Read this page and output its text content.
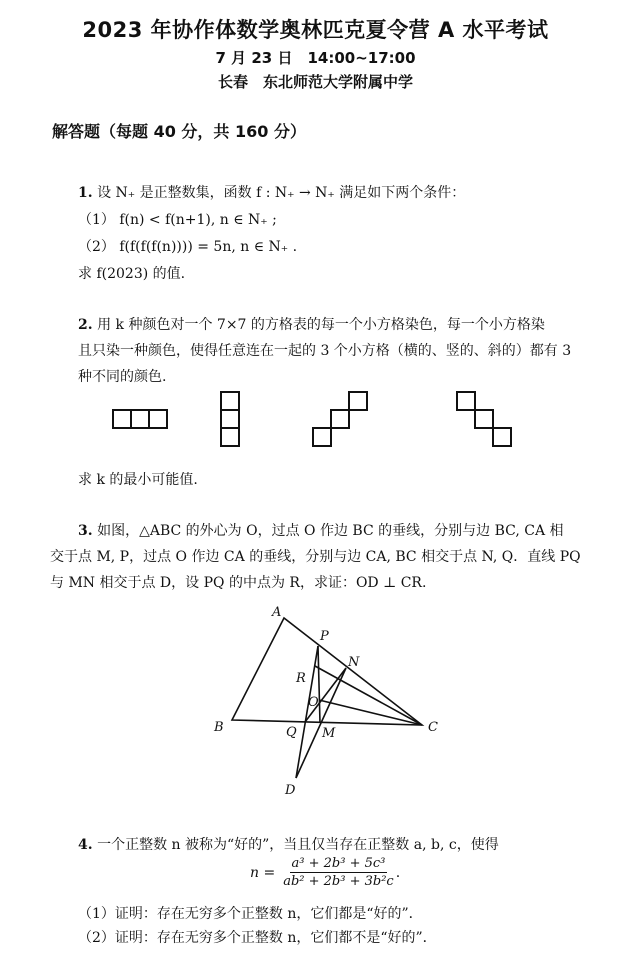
2023 年协作体数学奥林匹克夏令营 A 水平考试
7 月 23 日　14:00~17:00
长春　东北师范大学附属中学
解答题（每题 40 分，共 160 分）
1. 设 N₊ 是正整数集，函数 f : N₊ → N₊ 满足如下两个条件：
（1） f(n) < f(n+1), n ∈ N₊ ;
（2） f(f(f(f(n)))) = 5n, n ∈ N₊ .
求 f(2023) 的值.
2. 用 k 种颜色对一个 7×7 的方格表的每一个小方格染色，每一个小方格染
且只染一种颜色，使得任意连在一起的 3 个小方格（横的、竖的、斜的）都有 3
种不同的颜色.
求 k 的最小可能值.
3. 如图，△ABC 的外心为 O，过点 O 作边 BC 的垂线，分别与边 BC, CA 相
交于点 M, P，过点 O 作边 CA 的垂线，分别与边 CA, BC 相交于点 N, Q．直线 PQ
与 MN 相交于点 D，设 PQ 的中点为 R，求证：OD ⊥ CR.
A
P
N
R
O
B	Q M	C
D
4. 一个正整数 n 被称为“好的”，当且仅当存在正整数 a, b, c，使得
$n = \frac{\text{a³ + 2b³ + 5c³}}{\text{ab² + 2b³ + 3b²c}}$ .
（1）证明：存在无穷多个正整数 n，它们都是“好的”．
（2）证明：存在无穷多个正整数 n，它们都不是“好的”．
